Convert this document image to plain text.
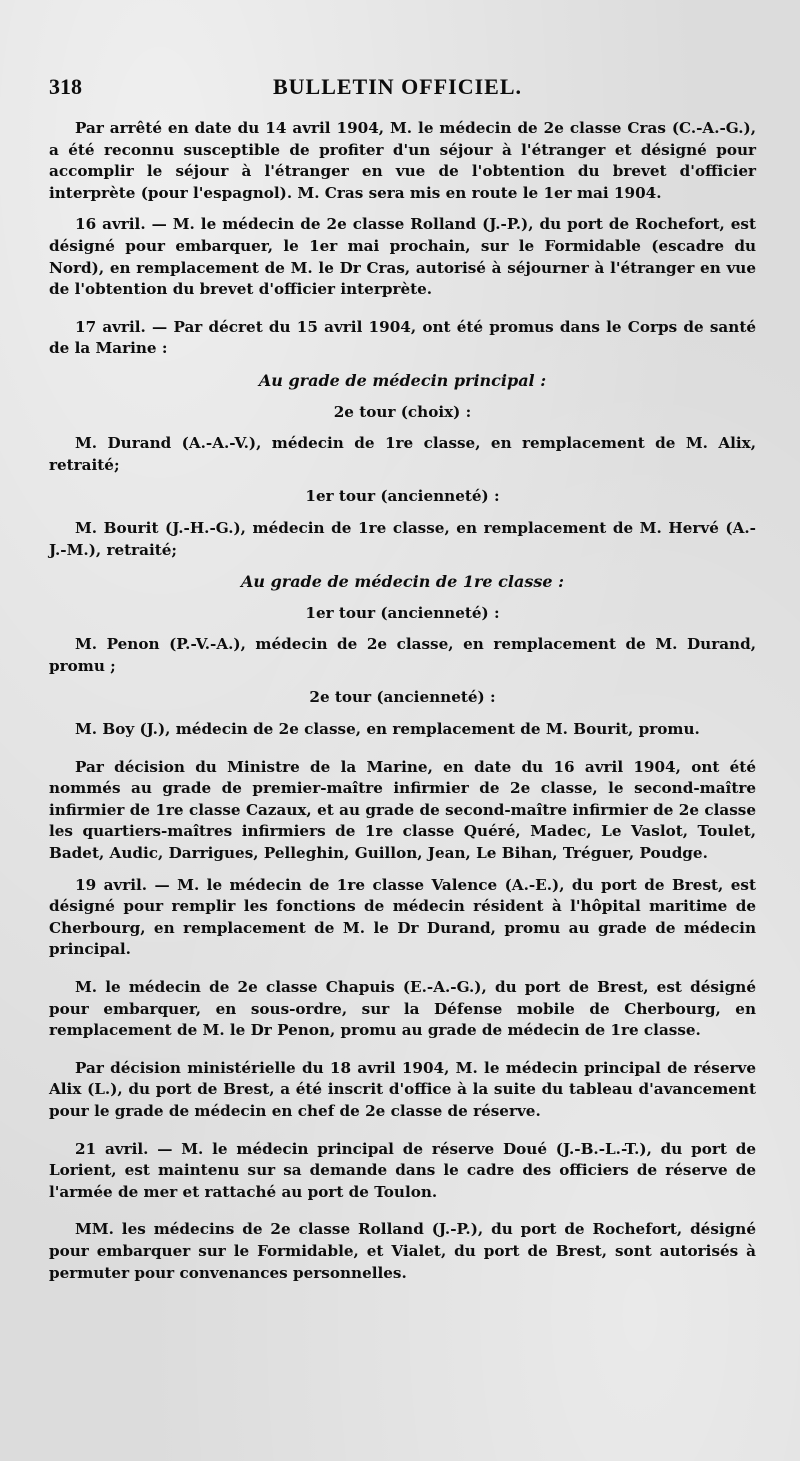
318	BULLETIN OFFICIEL.

Par arrêté en date du 14 avril 1904, M. le médecin de 2e classe Cras (C.-A.-G.), a été reconnu susceptible de profiter d'un séjour à l'étranger et désigné pour accomplir le séjour à l'étranger en vue de l'obtention du brevet d'officier interprète (pour l'espagnol). M. Cras sera mis en route le 1er mai 1904.

16 avril. — M. le médecin de 2e classe Rolland (J.-P.), du port de Rochefort, est désigné pour embarquer, le 1er mai prochain, sur le Formidable (escadre du Nord), en remplacement de M. le Dr Cras, autorisé à séjourner à l'étranger en vue de l'obtention du brevet d'officier interprète.

17 avril. — Par décret du 15 avril 1904, ont été promus dans le Corps de santé de la Marine :

Au grade de médecin principal :
2e tour (choix) :

M. Durand (A.-A.-V.), médecin de 1re classe, en remplacement de M. Alix, retraité;

1er tour (ancienneté) :

M. Bourit (J.-H.-G.), médecin de 1re classe, en remplacement de M. Hervé (A.-J.-M.), retraité;

Au grade de médecin de 1re classe :
1er tour (ancienneté) :

M. Penon (P.-V.-A.), médecin de 2e classe, en remplacement de M. Durand, promu ;

2e tour (ancienneté) :

M. Boy (J.), médecin de 2e classe, en remplacement de M. Bourit, promu.

Par décision du Ministre de la Marine, en date du 16 avril 1904, ont été nommés au grade de premier-maître infirmier de 2e classe, le second-maître infirmier de 1re classe Cazaux, et au grade de second-maître infirmier de 2e classe les quartiers-maîtres infirmiers de 1re classe Quéré, Madec, Le Vaslot, Toulet, Badet, Audic, Darrigues, Pelleghin, Guillon, Jean, Le Bihan, Tréguer, Poudge.

19 avril. — M. le médecin de 1re classe Valence (A.-E.), du port de Brest, est désigné pour remplir les fonctions de médecin résident à l'hôpital maritime de Cherbourg, en remplacement de M. le Dr Durand, promu au grade de médecin principal.

M. le médecin de 2e classe Chapuis (E.-A.-G.), du port de Brest, est désigné pour embarquer, en sous-ordre, sur la Défense mobile de Cherbourg, en remplacement de M. le Dr Penon, promu au grade de médecin de 1re classe.

Par décision ministérielle du 18 avril 1904, M. le médecin principal de réserve Alix (L.), du port de Brest, a été inscrit d'office à la suite du tableau d'avancement pour le grade de médecin en chef de 2e classe de réserve.

21 avril. — M. le médecin principal de réserve Doué (J.-B.-L.-T.), du port de Lorient, est maintenu sur sa demande dans le cadre des officiers de réserve de l'armée de mer et rattaché au port de Toulon.

MM. les médecins de 2e classe Rolland (J.-P.), du port de Rochefort, désigné pour embarquer sur le Formidable, et Vialet, du port de Brest, sont autorisés à permuter pour convenances personnelles.
